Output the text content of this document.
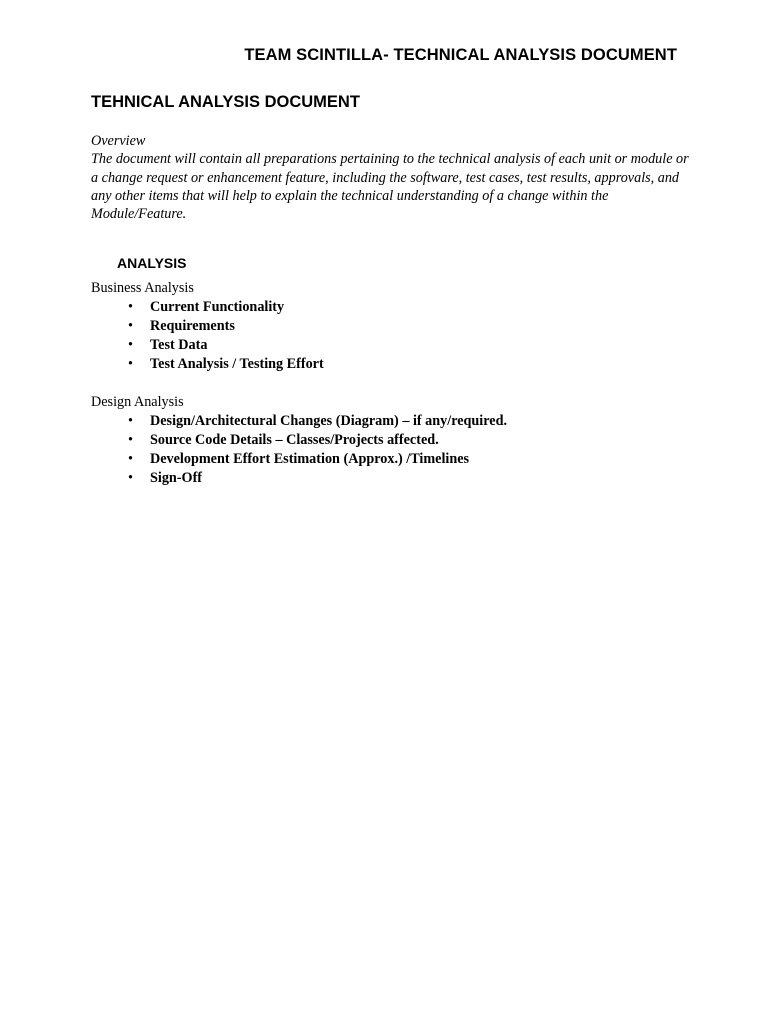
TEAM SCINTILLA- TECHNICAL ANALYSIS DOCUMENT
TEHNICAL ANALYSIS DOCUMENT
Overview
The document will contain all preparations pertaining to the technical analysis of each unit or module or a change request or enhancement feature, including the software, test cases, test results, approvals, and any other items that will help to explain the technical understanding of a change within the Module/Feature.
ANALYSIS
Business Analysis
• Current Functionality
• Requirements
• Test Data
• Test Analysis / Testing Effort
Design Analysis
• Design/Architectural Changes (Diagram) – if any/required.
• Source Code Details – Classes/Projects affected.
• Development Effort Estimation (Approx.) /Timelines
• Sign-Off
